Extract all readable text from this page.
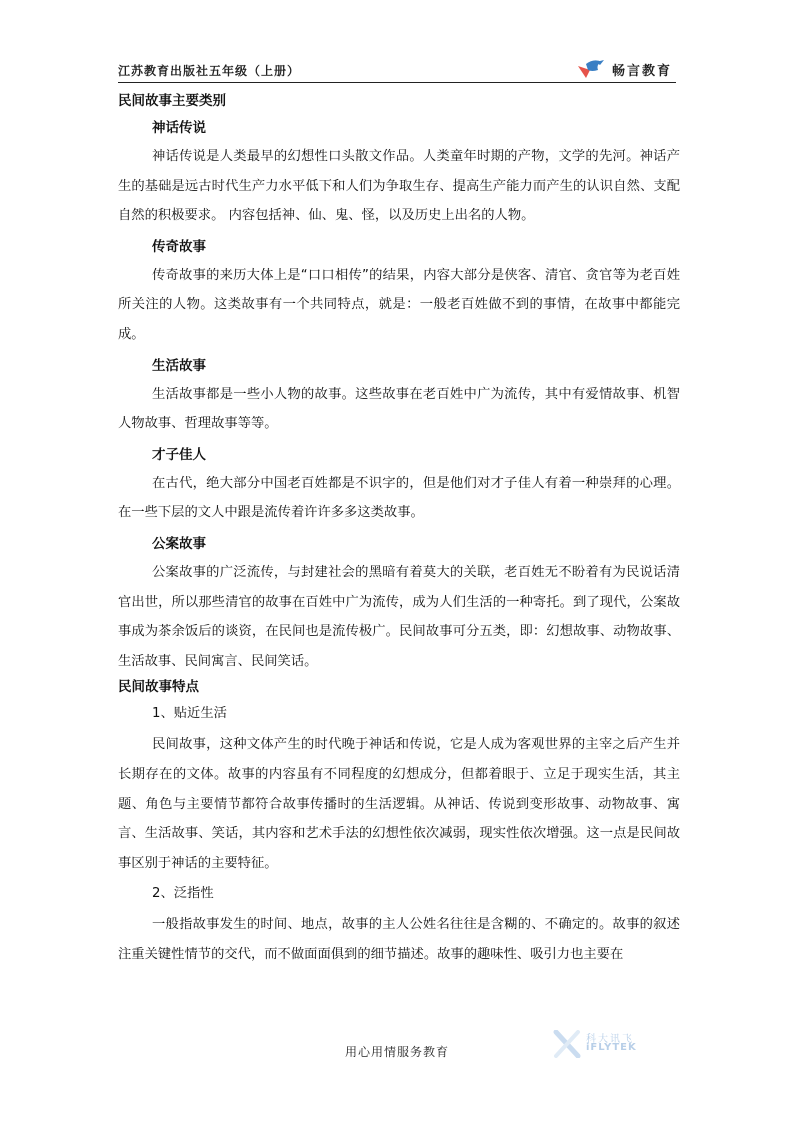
江苏教育出版社五年级（上册）	畅言教育

民间故事主要类别

神话传说

神话传说是人类最早的幻想性口头散文作品。人类童年时期的产物，文学的先河。神话产生的基础是远古时代生产力水平低下和人们为争取生存、提高生产能力而产生的认识自然、支配自然的积极要求。 内容包括神、仙、鬼、怪，以及历史上出名的人物。

传奇故事

传奇故事的来历大体上是“口口相传”的结果，内容大部分是侠客、清官、贪官等为老百姓所关注的人物。这类故事有一个共同特点，就是：一般老百姓做不到的事情，在故事中都能完成。

生活故事

生活故事都是一些小人物的故事。这些故事在老百姓中广为流传，其中有爱情故事、机智人物故事、哲理故事等等。

才子佳人

在古代，绝大部分中国老百姓都是不识字的，但是他们对才子佳人有着一种崇拜的心理。在一些下层的文人中跟是流传着许许多多这类故事。

公案故事

公案故事的广泛流传，与封建社会的黑暗有着莫大的关联，老百姓无不盼着有为民说话清官出世，所以那些清官的故事在百姓中广为流传，成为人们生活的一种寄托。到了现代，公案故事成为茶余饭后的谈资，在民间也是流传极广。民间故事可分五类，即：幻想故事、动物故事、生活故事、民间寓言、民间笑话。

民间故事特点

1、贴近生活

民间故事，这种文体产生的时代晚于神话和传说，它是人成为客观世界的主宰之后产生并长期存在的文体。故事的内容虽有不同程度的幻想成分，但都着眼于、立足于现实生活，其主题、角色与主要情节都符合故事传播时的生活逻辑。从神话、传说到变形故事、动物故事、寓言、生活故事、笑话，其内容和艺术手法的幻想性依次减弱，现实性依次增强。这一点是民间故事区别于神话的主要特征。

2、泛指性

一般指故事发生的时间、地点，故事的主人公姓名往往是含糊的、不确定的。故事的叙述注重关键性情节的交代，而不做面面俱到的细节描述。故事的趣味性、吸引力也主要在

科大讯飞
iFLYTEK
用心用情服务教育
